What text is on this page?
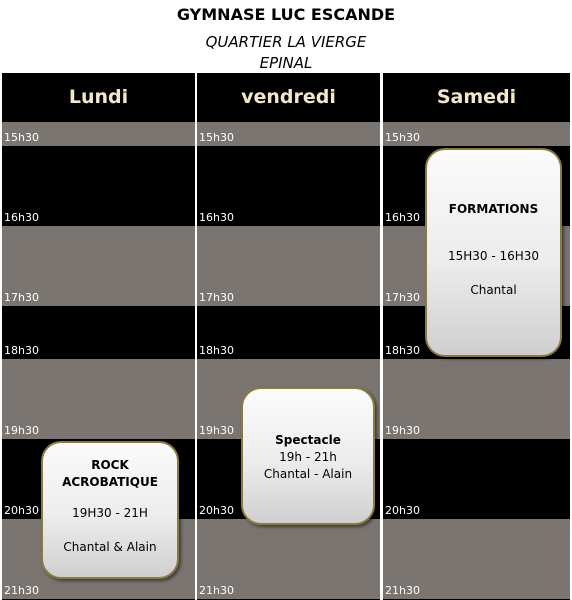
GYMNASE LUC ESCANDE
QUARTIER LA VIERGE
EPINAL
Lundi
15h30
16h30
17h30
18h30
19h30
20h30
21h30
vendredi
15h30
16h30
17h30
18h30
19h30
20h30
21h30
Samedi
15h30
16h30
17h30
18h30
19h30
20h30
21h30
ROCK
ACROBATIQUE
19H30 - 21H
Chantal & Alain
Spectacle
19h - 21h
Chantal - Alain
FORMATIONS
15H30 - 16H30
Chantal
